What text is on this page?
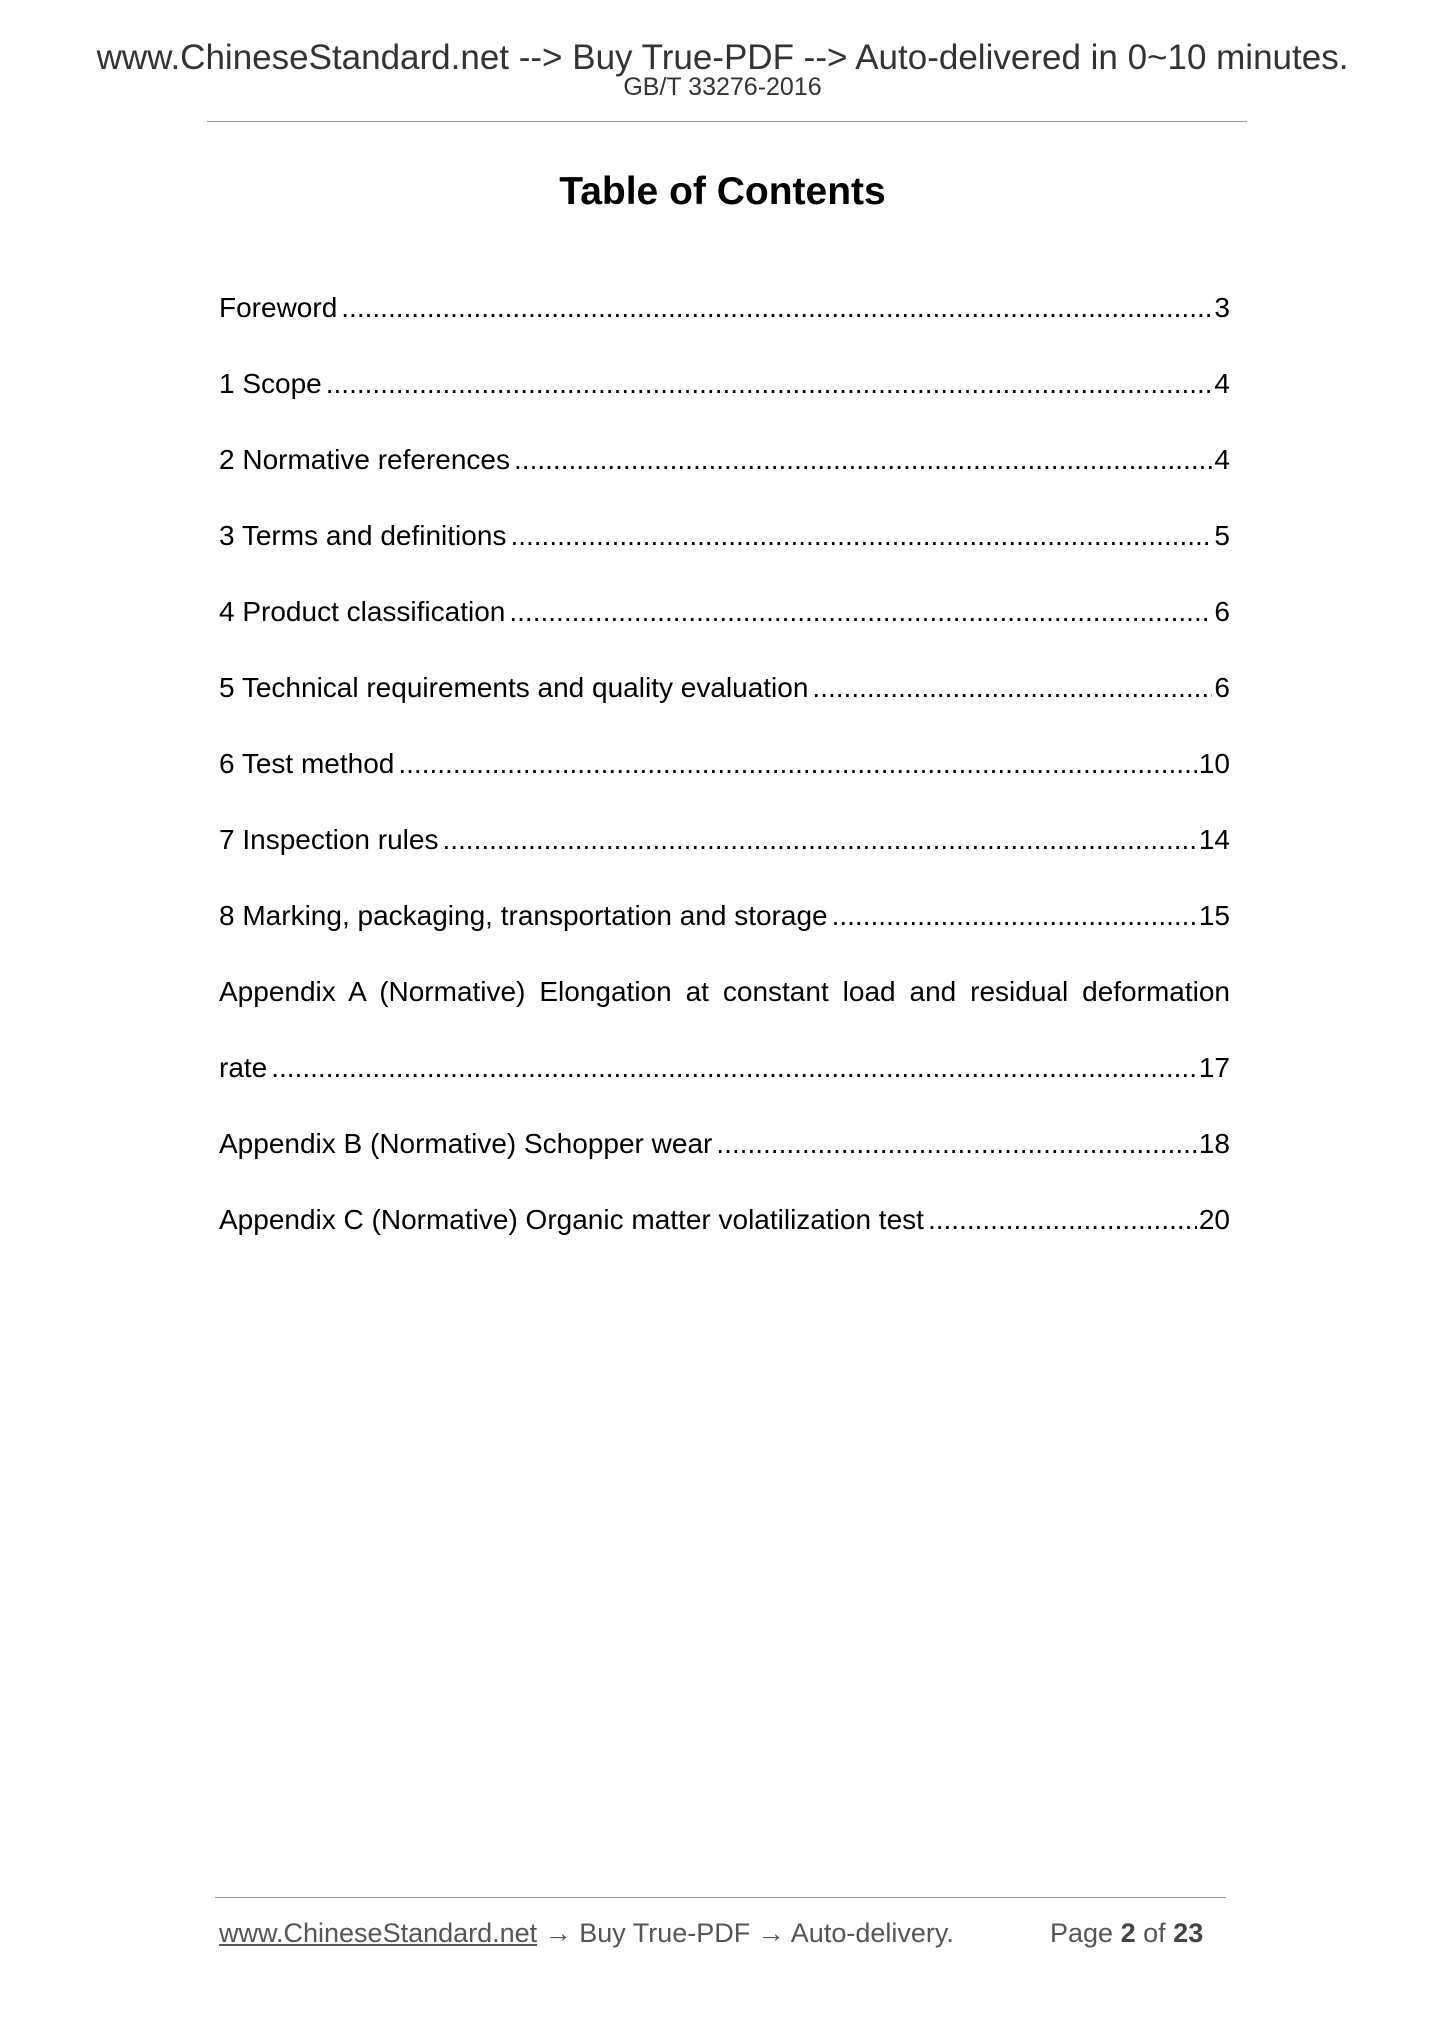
www.ChineseStandard.net --> Buy True-PDF --> Auto-delivered in 0~10 minutes.
GB/T 33276-2016
Table of Contents
Foreword .....	3
1 Scope .....	4
2 Normative references .....	4
3 Terms and definitions .....	5
4 Product classification .....	6
5 Technical requirements and quality evaluation .....	6
6 Test method .....	10
7 Inspection rules .....	14
8 Marking, packaging, transportation and storage .....	15
Appendix A (Normative) Elongation at constant load and residual deformation
rate .....	17
Appendix B (Normative) Schopper wear .....	18
Appendix C (Normative) Organic matter volatilization test .....	20
www.ChineseStandard.net → Buy True-PDF → Auto-delivery.	Page 2 of 23
